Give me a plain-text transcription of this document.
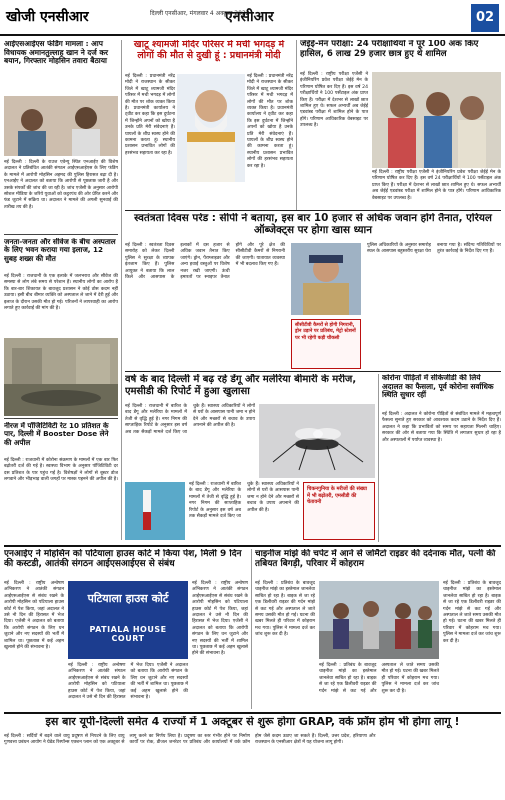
खोजी एनसीआर	दिल्ली एनसीआर, मंगलवार 4 अक्टूबर 2022
एनसीआर	02
आईएसआईएस फंडिंग मामला : आप विधायक अमानतुल्लाह खान ने दर्ज कर बयान, गिरफ्तार मोहसिन तवारा बैठाया
नई दिल्ली : दिल्ली के राउज एवेन्यू स्थित एनआईए की विशेष अदालत ने प्रतिबंधित आतंकी संगठन आईएसआईएस के लिए फंडिंग के मामले में आरोपी मोहसिन अहमद की पुलिस हिरासत बढ़ा दी है। एनआईए ने अदालत को बताया कि आरोपी से पूछताछ जारी है और उसके संपर्कों की जांच की जा रही है। जांच एजेंसी के अनुसार आरोपी सोशल मीडिया के जरिये युवाओं को कट्टरपंथ की ओर प्रेरित करने और फंड जुटाने में सक्रिय था। अदालत ने मामले की अगली सुनवाई की तारीख तय की है।
जनता-जनता और सीवेज के बीच अस्पताल के लिए भवन कराया गया इलाज, 12 सुबह शख्स की मौत
नई दिल्ली : राजधानी के एक इलाके में जलभराव और सीवेज की समस्या से लोग लंबे समय से परेशान हैं। स्थानीय लोगों का आरोप है कि बार-बार शिकायत के बावजूद प्रशासन ने कोई ठोस कदम नहीं उठाया। इसी बीच बीमार व्यक्ति को अस्पताल ले जाने में देरी हुई और इलाज के दौरान उसकी मौत हो गई। परिजनों ने लापरवाही का आरोप लगाते हुए कार्रवाई की मांग की है।
नीरज में पॉजिटिविटी रेट 10 प्रतिशत के पार, दिल्ली में Booster Dose लेने की अपील
नई दिल्ली : राजधानी में कोरोना संक्रमण के मामलों में एक बार फिर बढ़ोतरी दर्ज की गई है। स्वास्थ्य विभाग के अनुसार पॉजिटिविटी दर दस प्रतिशत के पार पहुंच गई है। विशेषज्ञों ने लोगों से बूस्टर डोज लगवाने और भीड़भाड़ वाली जगहों पर मास्क पहनने की अपील की है।
खाटू श्यामजी मंदिर परिसर में मची भगदड़ में लोगों की मौत से दुखी हूं : प्रधानमंत्री मोदी
नई दिल्ली : प्रधानमंत्री नरेंद्र मोदी ने राजस्थान के सीकर जिले में खाटू श्यामजी मंदिर परिसर में मची भगदड़ में लोगों की मौत पर शोक व्यक्त किया है। प्रधानमंत्री कार्यालय ने ट्वीट कर कहा कि इस दुर्घटना में जिन्होंने अपनों को खोया है उनके प्रति मेरी संवेदनाएं हैं। घायलों के शीघ्र स्वस्थ होने की कामना करता हूं। स्थानीय प्रशासन प्रभावित लोगों की हरसंभव सहायता कर रहा है।
नई दिल्ली : प्रधानमंत्री नरेंद्र मोदी ने राजस्थान के सीकर जिले में खाटू श्यामजी मंदिर परिसर में मची भगदड़ में लोगों की मौत पर शोक व्यक्त किया है। प्रधानमंत्री कार्यालय ने ट्वीट कर कहा कि इस दुर्घटना में जिन्होंने अपनों को खोया है उनके प्रति मेरी संवेदनाएं हैं। घायलों के शीघ्र स्वस्थ होने की कामना करता हूं। स्थानीय प्रशासन प्रभावित लोगों की हरसंभव सहायता कर रहा है।
जेईई-मेन परीक्षा: 24 परीक्षार्थियों ने पूरे 100 अंक किए हासिल, 6 लाख 29 हजार छात्र हुए थे शामिल
नई दिल्ली : राष्ट्रीय परीक्षा एजेंसी ने इंजीनियरिंग प्रवेश परीक्षा जेईई मेन के परिणाम घोषित कर दिए हैं। इस वर्ष 24 परीक्षार्थियों ने 100 पर्सेंटाइल अंक प्राप्त किए हैं। परीक्षा में देशभर से लाखों छात्र शामिल हुए थे। सफल अभ्यर्थी अब जेईई एडवांस्ड परीक्षा में शामिल होने के पात्र होंगे। परिणाम आधिकारिक वेबसाइट पर उपलब्ध है।
नई दिल्ली : राष्ट्रीय परीक्षा एजेंसी ने इंजीनियरिंग प्रवेश परीक्षा जेईई मेन के परिणाम घोषित कर दिए हैं। इस वर्ष 24 परीक्षार्थियों ने 100 पर्सेंटाइल अंक प्राप्त किए हैं। परीक्षा में देशभर से लाखों छात्र शामिल हुए थे। सफल अभ्यर्थी अब जेईई एडवांस्ड परीक्षा में शामिल होने के पात्र होंगे। परिणाम आधिकारिक वेबसाइट पर उपलब्ध है।
स्वतंत्रता दिवस परेड : सीपी ने बताया, इस बार 10 हजार से अधिक जवान होंगे तैनात, एरियल ऑब्जेक्ट्स पर होगा खास ध्यान
नई दिल्ली : स्वतंत्रता दिवस समारोह को लेकर दिल्ली पुलिस ने सुरक्षा के व्यापक इंतजाम किए हैं। पुलिस आयुक्त ने बताया कि लाल किले और आसपास के इलाकों में दस हजार से अधिक जवान तैनात किए जाएंगे। ड्रोन, पैराग्लाइडर और अन्य हवाई वस्तुओं पर विशेष नजर रखी जाएगी। ऊंची इमारतों पर स्नाइपर तैनात होंगे और पूरे क्षेत्र की सीसीटीवी कैमरों से निगरानी की जाएगी। यातायात व्यवस्था में भी बदलाव किए गए हैं।
सीसीटीवी कैमरों से होगी निगरानी, ड्रोन उड़ाने पर प्रतिबंध, मेट्रो स्टेशनों पर भी रहेगी कड़ी चौकसी
पुलिस अधिकारियों के अनुसार समारोह स्थल के आसपास बहुस्तरीय सुरक्षा घेरा बनाया गया है। संदिग्ध गतिविधियों पर तुरंत कार्रवाई के निर्देश दिए गए हैं।
वर्ष के बाद दिल्ली में बढ़ रहे डेंगू और मलेरिया बीमारी के मरीज, एमसीडी की रिपोर्ट में हुआ खुलासा
नई दिल्ली : राजधानी में बारिश के बाद डेंगू और मलेरिया के मामलों में तेजी से वृद्धि हुई है। नगर निगम की साप्ताहिक रिपोर्ट के अनुसार इस वर्ष अब तक सैकड़ों मामले दर्ज किए जा चुके हैं। स्वास्थ्य अधिकारियों ने लोगों से घरों के आसपास पानी जमा न होने देने और मच्छरों से बचाव के उपाय अपनाने की अपील की है।
नई दिल्ली : राजधानी में बारिश के बाद डेंगू और मलेरिया के मामलों में तेजी से वृद्धि हुई है। नगर निगम की साप्ताहिक रिपोर्ट के अनुसार इस वर्ष अब तक सैकड़ों मामले दर्ज किए जा चुके हैं। स्वास्थ्य अधिकारियों ने लोगों से घरों के आसपास पानी जमा न होने देने और मच्छरों से बचाव के उपाय अपनाने की अपील की है।
चिकनगुनिया के मरीजों की संख्या में भी बढ़ोतरी, एमसीडी की चेतावनी
कोरोना पीड़ितों में सीकेजीडी की लिये अदालत का फैसला, पूर्व कोरोना सर्वाधिक स्थिति सुधार रहीं
नई दिल्ली : अदालत ने कोरोना पीड़ितों से संबंधित मामले में महत्वपूर्ण फैसला सुनाते हुए सरकार को आवश्यक कदम उठाने के निर्देश दिए हैं। अदालत ने कहा कि प्रभावितों को समय पर सहायता मिलनी चाहिए। सरकार की ओर से बताया गया कि स्थिति में लगातार सुधार हो रहा है और अस्पतालों में पर्याप्त व्यवस्था है।
एनआईए ने मोहसिन को पटियाला हाउस कोर्ट में किया पेश, मिली 9 दिन की कस्टडी, आतंकी संगठन आईएसआईएस से संबंध
नई दिल्ली : राष्ट्रीय अन्वेषण अभिकरण ने आतंकी संगठन आईएसआईएस से संबंध रखने के आरोपी मोहसिन को पटियाला हाउस कोर्ट में पेश किया, जहां अदालत ने उसे नौ दिन की हिरासत में भेज दिया। एजेंसी ने अदालत को बताया कि आरोपी संगठन के लिए धन जुटाने और नए सदस्यों की भर्ती में शामिल था। पूछताछ में कई अहम खुलासे होने की संभावना है।
पटियाला हाउस कोर्ट
PATIALA HOUSE COURT
नई दिल्ली : राष्ट्रीय अन्वेषण अभिकरण ने आतंकी संगठन आईएसआईएस से संबंध रखने के आरोपी मोहसिन को पटियाला हाउस कोर्ट में पेश किया, जहां अदालत ने उसे नौ दिन की हिरासत में भेज दिया। एजेंसी ने अदालत को बताया कि आरोपी संगठन के लिए धन जुटाने और नए सदस्यों की भर्ती में शामिल था। पूछताछ में कई अहम खुलासे होने की संभावना है।
नई दिल्ली : राष्ट्रीय अन्वेषण अभिकरण ने आतंकी संगठन आईएसआईएस से संबंध रखने के आरोपी मोहसिन को पटियाला हाउस कोर्ट में पेश किया, जहां अदालत ने उसे नौ दिन की हिरासत में भेज दिया। एजेंसी ने अदालत को बताया कि आरोपी संगठन के लिए धन जुटाने और नए सदस्यों की भर्ती में शामिल था। पूछताछ में कई अहम खुलासे होने की संभावना है।
चाइनीज मांझे की चपेट में आने से जोमैटो राइडर की दर्दनाक मौत, पत्नी की तबियत बिगड़ी, परिवार में कोहराम
नई दिल्ली : प्रतिबंध के बावजूद चाइनीज मांझे का इस्तेमाल जानलेवा साबित हो रहा है। बाइक से जा रहे एक डिलीवरी राइडर की गर्दन मांझे से कट गई और अस्पताल ले जाते समय उसकी मौत हो गई। घटना की खबर मिलते ही परिवार में कोहराम मच गया। पुलिस ने मामला दर्ज कर जांच शुरू कर दी है।
नई दिल्ली : प्रतिबंध के बावजूद चाइनीज मांझे का इस्तेमाल जानलेवा साबित हो रहा है। बाइक से जा रहे एक डिलीवरी राइडर की गर्दन मांझे से कट गई और अस्पताल ले जाते समय उसकी मौत हो गई। घटना की खबर मिलते ही परिवार में कोहराम मच गया। पुलिस ने मामला दर्ज कर जांच शुरू कर दी है।
नई दिल्ली : प्रतिबंध के बावजूद चाइनीज मांझे का इस्तेमाल जानलेवा साबित हो रहा है। बाइक से जा रहे एक डिलीवरी राइडर की गर्दन मांझे से कट गई और अस्पताल ले जाते समय उसकी मौत हो गई। घटना की खबर मिलते ही परिवार में कोहराम मच गया। पुलिस ने मामला दर्ज कर जांच शुरू कर दी है।
इस बार यूपी-दिल्ली समेत 4 राज्यों में 1 अक्टूबर से शुरू होगा GRAP, वर्क फ्रॉम होम भी होगा लागू !
नई दिल्ली : सर्दियों में बढ़ने वाले वायु प्रदूषण से निपटने के लिए वायु गुणवत्ता प्रबंधन आयोग ने ग्रेडेड रिस्पॉन्स एक्शन प्लान को एक अक्टूबर से लागू करने का निर्णय लिया है। प्रदूषण का स्तर गंभीर होने पर निर्माण कार्यों पर रोक, डीजल जनरेटर पर प्रतिबंध और कार्यालयों में वर्क फ्रॉम होम जैसे कदम उठाए जा सकते हैं। दिल्ली, उत्तर प्रदेश, हरियाणा और राजस्थान के एनसीआर क्षेत्रों में यह योजना लागू होगी।
